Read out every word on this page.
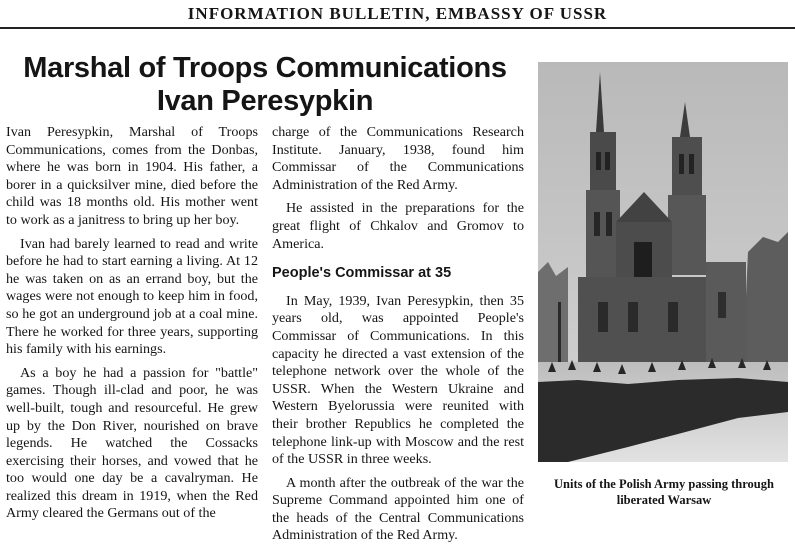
INFORMATION BULLETIN, EMBASSY OF USSR
Marshal of Troops Communications
Ivan Peresypkin

Ivan Peresypkin, Marshal of Troops Communications, comes from the Donbas, where he was born in 1904. His father, a borer in a quicksilver mine, died before the child was 18 months old. His mother went to work as a janitress to bring up her boy.

Ivan had barely learned to read and write before he had to start earning a living. At 12 he was taken on as an errand boy, but the wages were not enough to keep him in food, so he got an underground job at a coal mine. There he worked for three years, supporting his family with his earnings.

As a boy he had a passion for "battle" games. Though ill-clad and poor, he was well-built, tough and resourceful. He grew up by the Don River, nourished on brave legends. He watched the Cossacks exercising their horses, and vowed that he too would one day be a cavalryman. He realized this dream in 1919, when the Red Army cleared the Germans out of the

charge of the Communications Research Institute. January, 1938, found him Commissar of the Communications Administration of the Red Army.

He assisted in the preparations for the great flight of Chkalov and Gromov to America.

People's Commissar at 35

In May, 1939, Ivan Peresypkin, then 35 years old, was appointed People's Commissar of Communications. In this capacity he directed a vast extension of the telephone network over the whole of the USSR. When the Western Ukraine and Western Byelorussia were reunited with their brother Republics he completed the telephone link-up with Moscow and the rest of the USSR in three weeks.

A month after the outbreak of the war the Supreme Command appointed him one of the heads of the Central Communications Administration of the Red Army.

Units of the Polish Army passing through liberated Warsaw
